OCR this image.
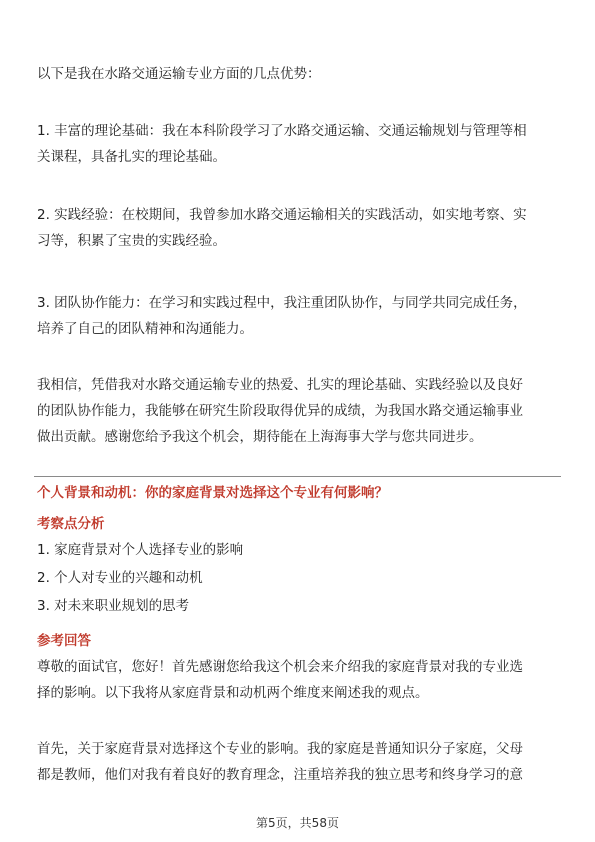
以下是我在水路交通运输专业方面的几点优势：

1. 丰富的理论基础：我在本科阶段学习了水路交通运输、交通运输规划与管理等相
关课程，具备扎实的理论基础。

2. 实践经验：在校期间，我曾参加水路交通运输相关的实践活动，如实地考察、实
习等，积累了宝贵的实践经验。

3. 团队协作能力：在学习和实践过程中，我注重团队协作，与同学共同完成任务，
培养了自己的团队精神和沟通能力。

我相信，凭借我对水路交通运输专业的热爱、扎实的理论基础、实践经验以及良好
的团队协作能力，我能够在研究生阶段取得优异的成绩，为我国水路交通运输事业
做出贡献。感谢您给予我这个机会，期待能在上海海事大学与您共同进步。

个人背景和动机：你的家庭背景对选择这个专业有何影响？
考察点分析
1. 家庭背景对个人选择专业的影响
2. 个人对专业的兴趣和动机
3. 对未来职业规划的思考
参考回答

尊敬的面试官，您好！首先感谢您给我这个机会来介绍我的家庭背景对我的专业选
择的影响。以下我将从家庭背景和动机两个维度来阐述我的观点。

首先，关于家庭背景对选择这个专业的影响。我的家庭是普通知识分子家庭，父母
都是教师，他们对我有着良好的教育理念，注重培养我的独立思考和终身学习的意

第5页，共58页
